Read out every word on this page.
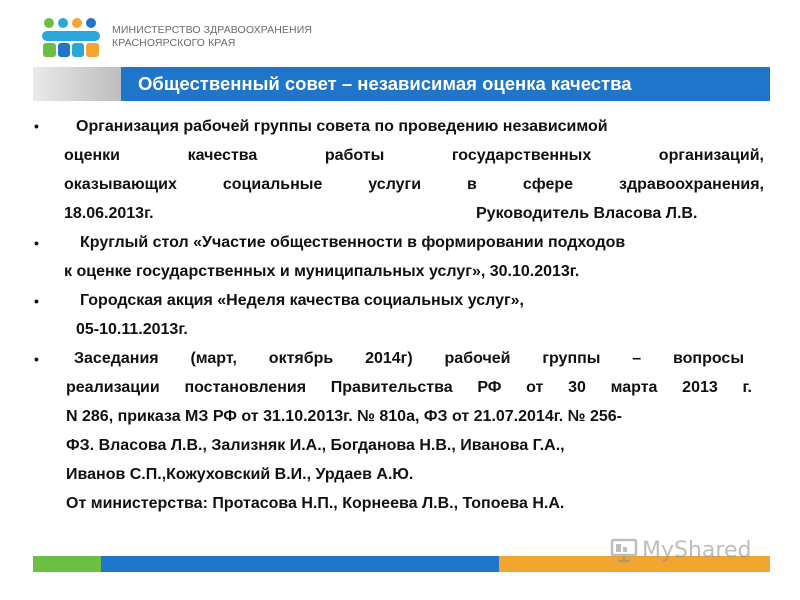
МИНИСТЕРСТВО ЗДРАВООХРАНЕНИЯ
КРАСНОЯРСКОГО КРАЯ
Общественный совет – независимая оценка качества
• Организация рабочей группы совета по проведению независимой
оценки качества работы государственных организаций,
оказывающих социальные услуги в сфере здравоохранения,
18.06.2013г.	Руководитель Власова Л.В.
•	Круглый стол «Участие общественности в формировании подходов
к оценке государственных и муниципальных услуг», 30.10.2013г.
•	Городская акция «Неделя качества социальных услуг»,
05-10.11.2013г.
• Заседания (март, октябрь 2014г) рабочей группы – вопросы
реализации постановления Правительства РФ от 30 марта 2013 г.
N 286, приказа МЗ РФ от 31.10.2013г. № 810а, ФЗ от 21.07.2014г. № 256-
ФЗ. Власова Л.В., Зализняк И.А., Богданова Н.В., Иванова Г.А.,
Иванов С.П.,Кожуховский В.И., Урдаев А.Ю.
От министерства: Протасова Н.П., Корнеева Л.В., Топоева Н.А.
MyShared
